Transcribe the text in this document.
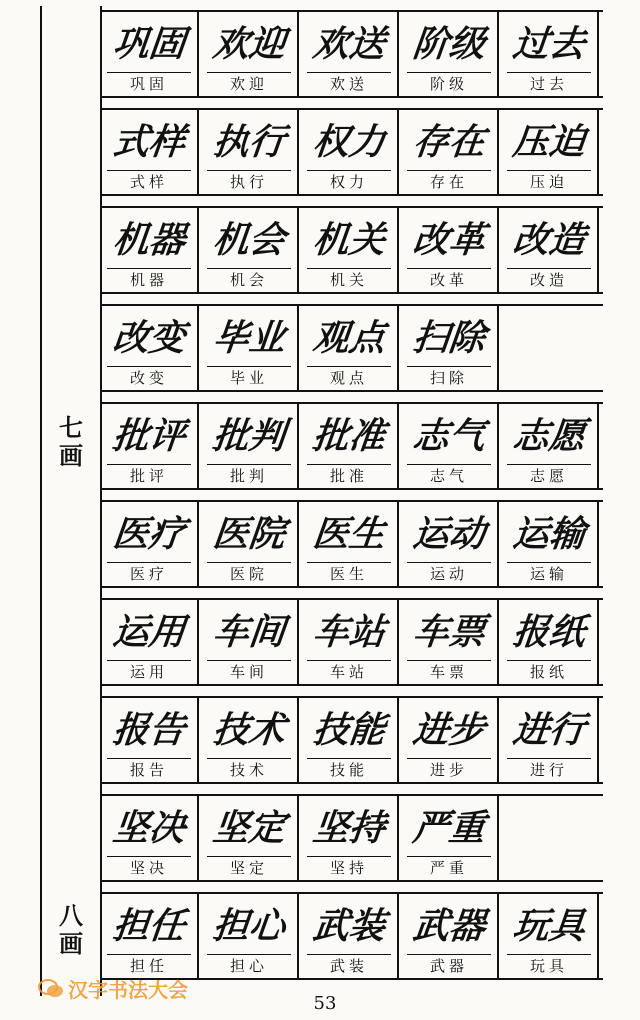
七
画
八
画
巩固
巩固
欢迎
欢迎
欢送
欢送
阶级
阶级
过去
过去
式样
式样
执行
执行
权力
权力
存在
存在
压迫
压迫
机器
机器
机会
机会
机关
机关
改革
改革
改造
改造
改变
改变
毕业
毕业
观点
观点
扫除
扫除
批评
批评
批判
批判
批准
批准
志气
志气
志愿
志愿
医疗
医疗
医院
医院
医生
医生
运动
运动
运输
运输
运用
运用
车间
车间
车站
车站
车票
车票
报纸
报纸
报告
报告
技术
技术
技能
技能
进步
进步
进行
进行
坚决
坚决
坚定
坚定
坚持
坚持
严重
严重
担任
担任
担心
担心
武装
武装
武器
武器
玩具
玩具
53
汉字书法大会
